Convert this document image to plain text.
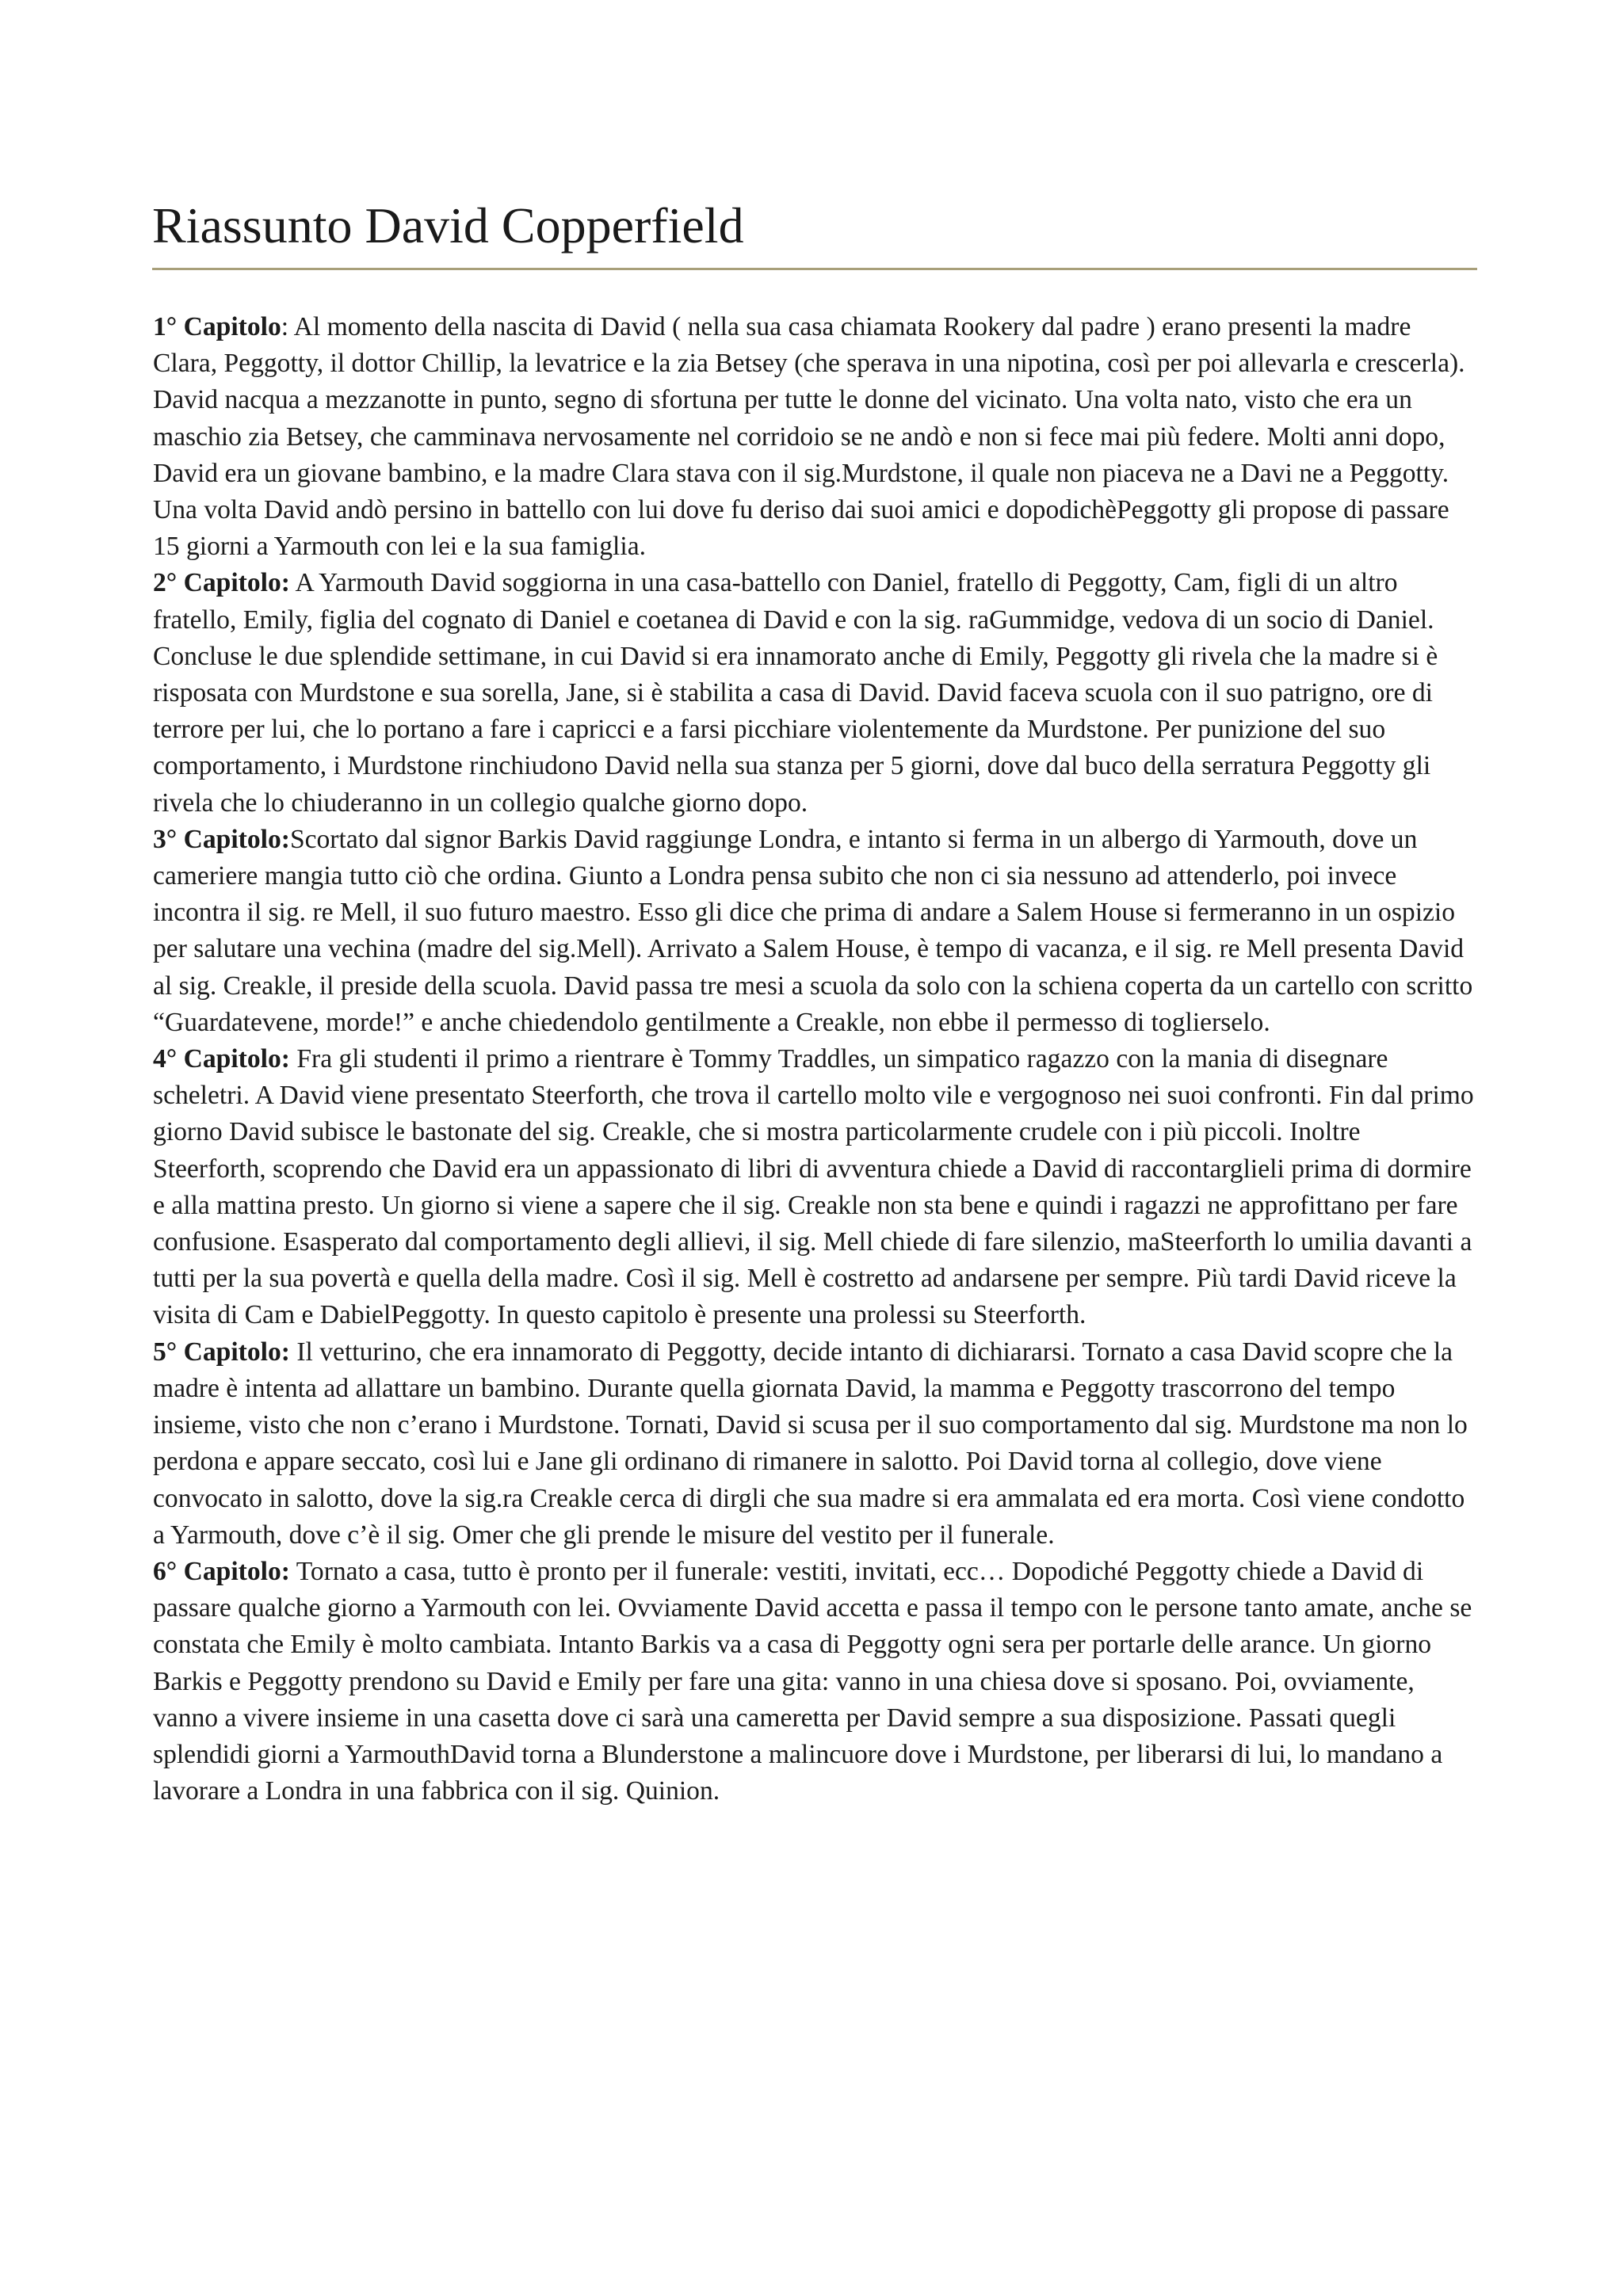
Riassunto David Copperfield

1° Capitolo: Al momento della nascita di David ( nella sua casa chiamata Rookery dal padre ) erano presenti la madre Clara, Peggotty, il dottor Chillip, la levatrice e la zia Betsey (che sperava in una nipotina, così per poi allevarla e crescerla). David nacqua a mezzanotte in punto, segno di sfortuna per tutte le donne del vicinato. Una volta nato, visto che era un maschio zia Betsey, che camminava nervosamente nel corridoio se ne andò e non si fece mai più federe. Molti anni dopo, David era un giovane bambino, e la madre Clara stava con il sig.Murdstone, il quale non piaceva ne a Davi ne a Peggotty. Una volta David andò persino in battello con lui dove fu deriso dai suoi amici e dopodichèPeggotty gli propose di passare 15 giorni a Yarmouth con lei e la sua famiglia.

2° Capitolo: A Yarmouth David soggiorna in una casa-battello con Daniel, fratello di Peggotty, Cam, figli di un altro fratello, Emily, figlia del cognato di Daniel e coetanea di David e con la sig. raGummidge, vedova di un socio di Daniel. Concluse le due splendide settimane, in cui David si era innamorato anche di Emily, Peggotty gli rivela che la madre si è risposata con Murdstone e sua sorella, Jane, si è stabilita a casa di David. David faceva scuola con il suo patrigno, ore di terrore per lui, che lo portano a fare i capricci e a farsi picchiare violentemente da Murdstone. Per punizione del suo comportamento, i Murdstone rinchiudono David nella sua stanza per 5 giorni, dove dal buco della serratura Peggotty gli rivela che lo chiuderanno in un collegio qualche giorno dopo.

3° Capitolo:Scortato dal signor Barkis David raggiunge Londra, e intanto si ferma in un albergo di Yarmouth, dove un cameriere mangia tutto ciò che ordina. Giunto a Londra pensa subito che non ci sia nessuno ad attenderlo, poi invece incontra il sig. re Mell, il suo futuro maestro. Esso gli dice che prima di andare a Salem House si fermeranno in un ospizio per salutare una vechina (madre del sig.Mell). Arrivato a Salem House, è tempo di vacanza, e il sig. re Mell presenta David al sig. Creakle, il preside della scuola. David passa tre mesi a scuola da solo con la schiena coperta da un cartello con scritto “Guardatevene, morde!” e anche chiedendolo gentilmente a Creakle, non ebbe il permesso di toglierselo.

4° Capitolo: Fra gli studenti il primo a rientrare è Tommy Traddles, un simpatico ragazzo con la mania di disegnare scheletri. A David viene presentato Steerforth, che trova il cartello molto vile e vergognoso nei suoi confronti. Fin dal primo giorno David subisce le bastonate del sig. Creakle, che si mostra particolarmente crudele con i più piccoli. Inoltre Steerforth, scoprendo che David era un appassionato di libri di avventura chiede a David di raccontarglieli prima di dormire e alla mattina presto. Un giorno si viene a sapere che il sig. Creakle non sta bene e quindi i ragazzi ne approfittano per fare confusione. Esasperato dal comportamento degli allievi, il sig. Mell chiede di fare silenzio, maSteerforth lo umilia davanti a tutti per la sua povertà e quella della madre. Così il sig. Mell è costretto ad andarsene per sempre. Più tardi David riceve la visita di Cam e DabielPeggotty. In questo capitolo è presente una prolessi su Steerforth.

5° Capitolo: Il vetturino, che era innamorato di Peggotty, decide intanto di dichiararsi. Tornato a casa David scopre che la madre è intenta ad allattare un bambino. Durante quella giornata David, la mamma e Peggotty trascorrono del tempo insieme, visto che non c’erano i Murdstone. Tornati, David si scusa per il suo comportamento dal sig. Murdstone ma non lo perdona e appare seccato, così lui e Jane gli ordinano di rimanere in salotto. Poi David torna al collegio, dove viene convocato in salotto, dove la sig.ra Creakle cerca di dirgli che sua madre si era ammalata ed era morta. Così viene condotto a Yarmouth, dove c’è il sig. Omer che gli prende le misure del vestito per il funerale.

6° Capitolo: Tornato a casa, tutto è pronto per il funerale: vestiti, invitati, ecc… Dopodiché Peggotty chiede a David di passare qualche giorno a Yarmouth con lei. Ovviamente David accetta e passa il tempo con le persone tanto amate, anche se constata che Emily è molto cambiata. Intanto Barkis va a casa di Peggotty ogni sera per portarle delle arance. Un giorno Barkis e Peggotty prendono su David e Emily per fare una gita: vanno in una chiesa dove si sposano. Poi, ovviamente, vanno a vivere insieme in una casetta dove ci sarà una cameretta per David sempre a sua disposizione. Passati quegli splendidi giorni a YarmouthDavid torna a Blunderstone a malincuore dove i Murdstone, per liberarsi di lui, lo mandano a lavorare a Londra in una fabbrica con il sig. Quinion.
